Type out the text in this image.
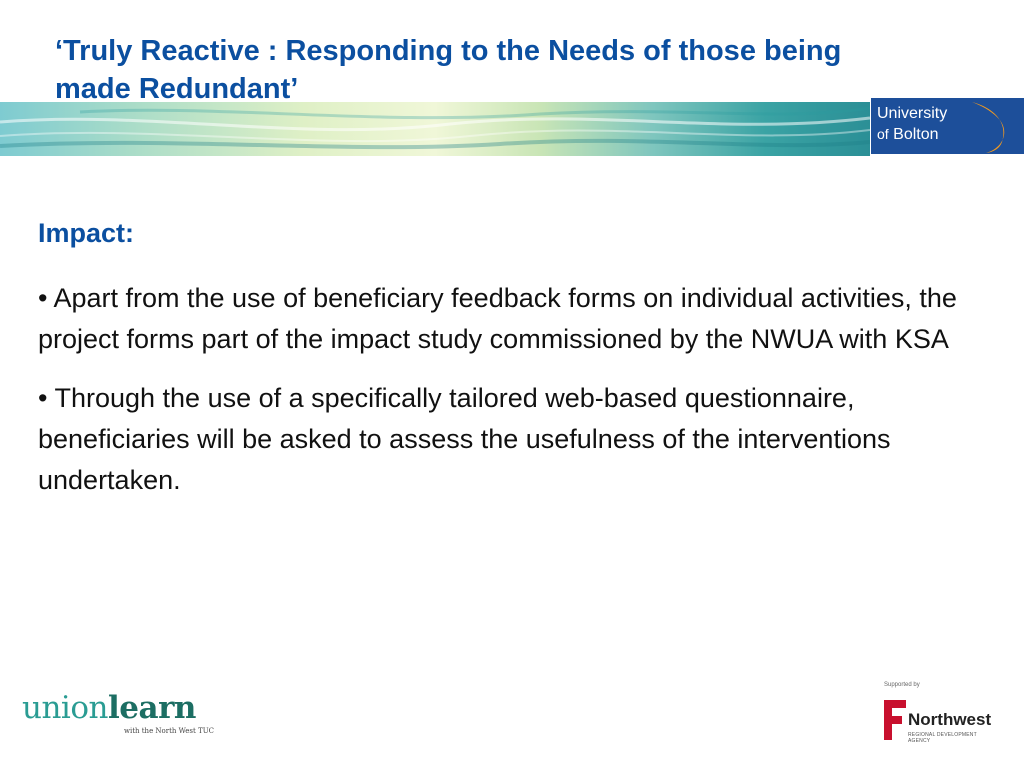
‘Truly Reactive : Responding to the Needs of those being made Redundant’
University
of Bolton
Impact:

• Apart from the use of beneficiary feedback forms on individual activities, the project forms part of the impact study commissioned by the NWUA with KSA

• Through the use of a specifically tailored web-based questionnaire, beneficiaries will be asked to assess the usefulness of the interventions undertaken.

unionlearn
with the North West TUC
Supported by
Northwest
REGIONAL DEVELOPMENT AGENCY
